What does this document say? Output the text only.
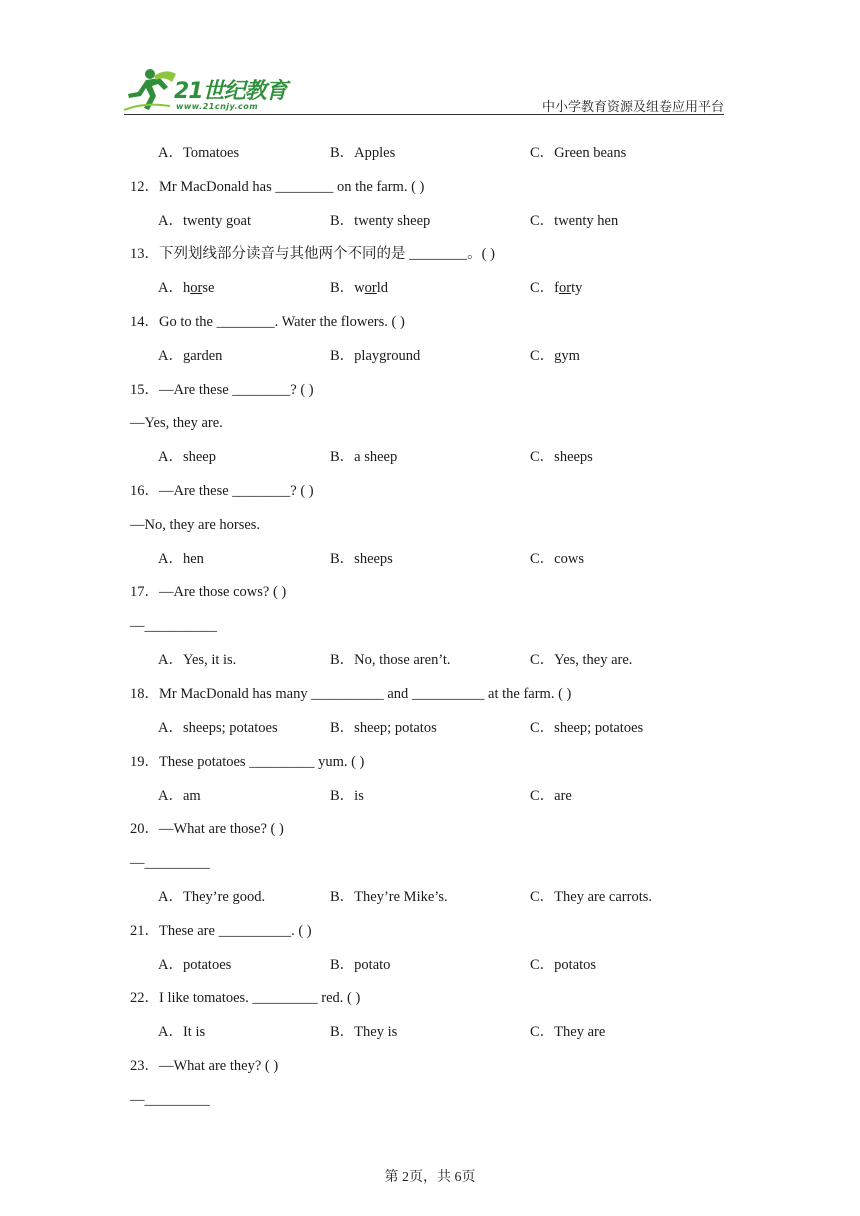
21世纪教育
www.21cnjy.com	中小学教育资源及组卷应用平台
A．Tomatoes	B．Apples	C．Green beans
12．Mr MacDonald has ________ on the farm. ( )
A．twenty goat	B．twenty sheep	C．twenty hen
13．下列划线部分读音与其他两个不同的是 ________。( )
A．horse	B．world	C．forty
14．Go to the ________. Water the flowers. ( )
A．garden	B．playground	C．gym
15．—Are these ________? ( )
—Yes, they are.
A．sheep	B．a sheep	C．sheeps
16．—Are these ________? ( )
—No, they are horses.
A．hen	B．sheeps	C．cows
17．—Are those cows? ( )
—__________
A．Yes, it is.	B．No, those aren’t.	C．Yes, they are.
18．Mr MacDonald has many __________ and __________ at the farm. ( )
A．sheeps; potatoes	B．sheep; potatos	C．sheep; potatoes
19．These potatoes _________ yum. ( )
A．am	B．is	C．are
20．—What are those? ( )
—_________
A．They’re good.	B．They’re Mike’s.	C．They are carrots.
21．These are __________. ( )
A．potatoes	B．potato	C．potatos
22．I like tomatoes. _________ red. ( )
A．It is	B．They is	C．They are
23．—What are they? ( )
—_________
第 2页，共 6页
